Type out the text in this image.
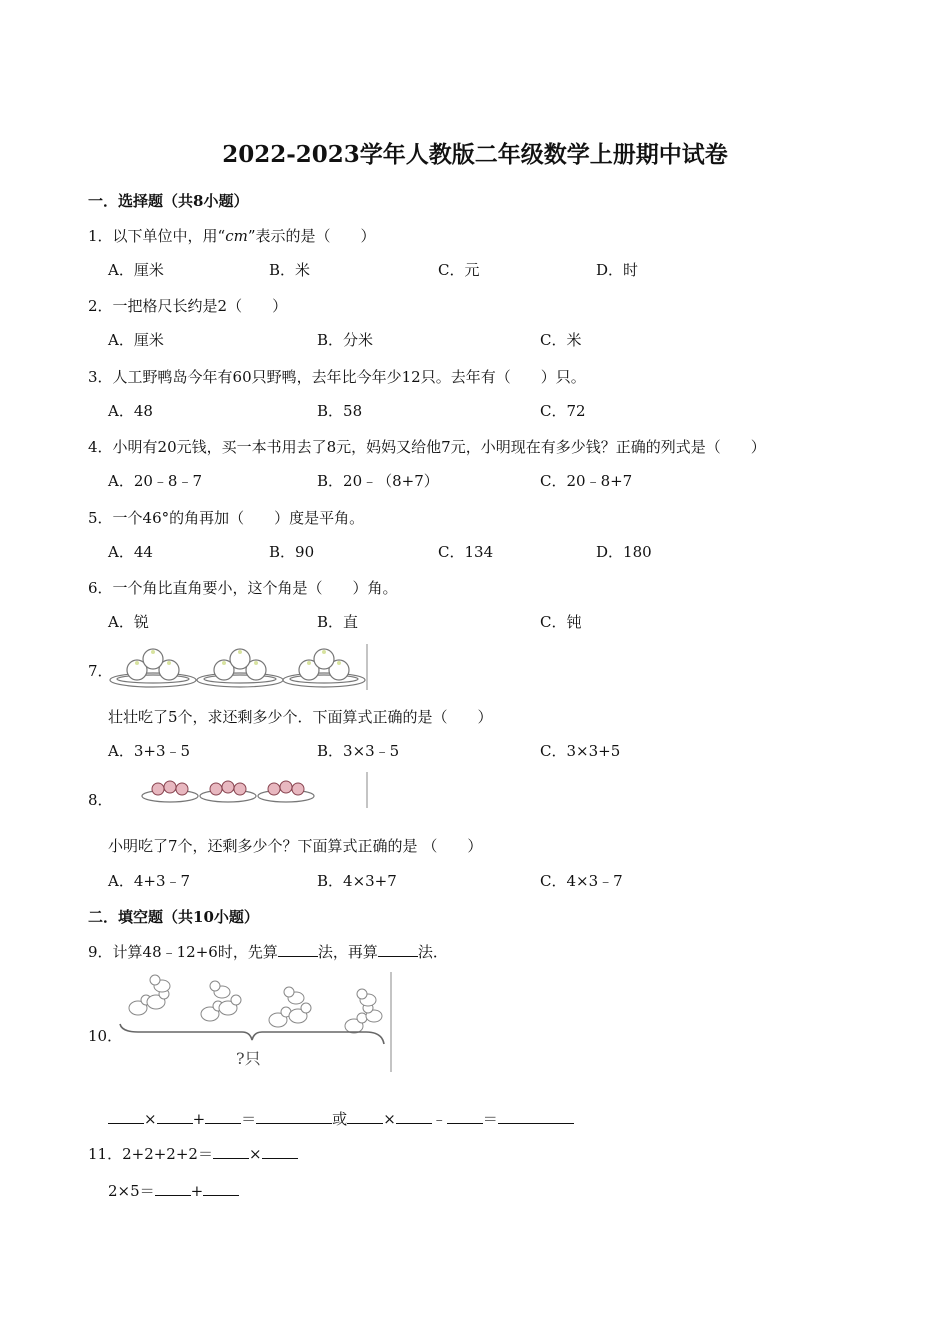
2022-2023学年人教版二年级数学上册期中试卷
一．选择题（共8小题）
1．以下单位中，用“cm”表示的是（　　）
A．厘米	B．米	C．元	D．时
2．一把格尺长约是2（　　）
A．厘米	B．分米	C．米
3．人工野鸭岛今年有60只野鸭，去年比今年少12只。去年有（　　）只。
A．48	B．58	C．72
4．小明有20元钱，买一本书用去了8元，妈妈又给他7元，小明现在有多少钱？正确的列式是（　　）
A．20﹣8﹣7	B．20﹣（8+7）	C．20﹣8+7
5．一个46°的角再加（　　）度是平角。
A．44	B．90	C．134	D．180
6．一个角比直角要小，这个角是（　　）角。
A．锐	B．直	C．钝
7．
壮壮吃了5个，求还剩多少个．下面算式正确的是（　　）
A．3+3﹣5	B．3×3﹣5	C．3×3+5
8．
小明吃了7个，还剩多少个？下面算式正确的是 （　　）
A．4+3﹣7	B．4×3+7	C．4×3﹣7
二．填空题（共10小题）
9．计算48﹣12+6时，先算	法，再算	法．
10．
?只
× + ＝	或 × ﹣ ＝
11．2+2+2+2＝ ×
2×5＝ +
